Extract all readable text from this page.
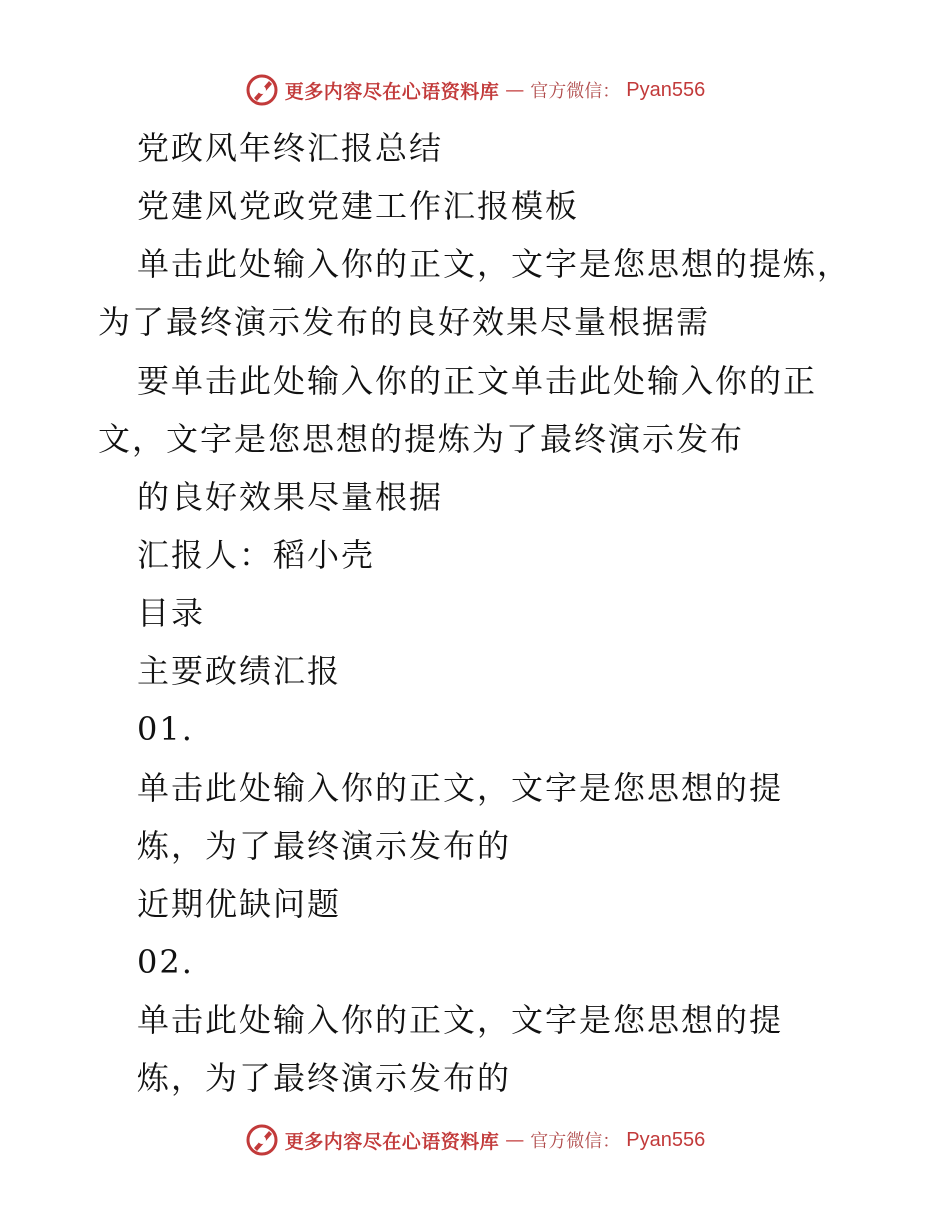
更多内容尽在心语资料库 — 官方微信： Pyan556
党政风年终汇报总结
党建风党政党建工作汇报模板
单击此处输入你的正文，文字是您思想的提炼，
为了最终演示发布的良好效果尽量根据需
要单击此处输入你的正文单击此处输入你的正
文，文字是您思想的提炼为了最终演示发布
的良好效果尽量根据
汇报人：稻小壳
目录
主要政绩汇报
01.
单击此处输入你的正文，文字是您思想的提
炼，为了最终演示发布的
近期优缺问题
02.
单击此处输入你的正文，文字是您思想的提
炼，为了最终演示发布的
更多内容尽在心语资料库 — 官方微信： Pyan556
